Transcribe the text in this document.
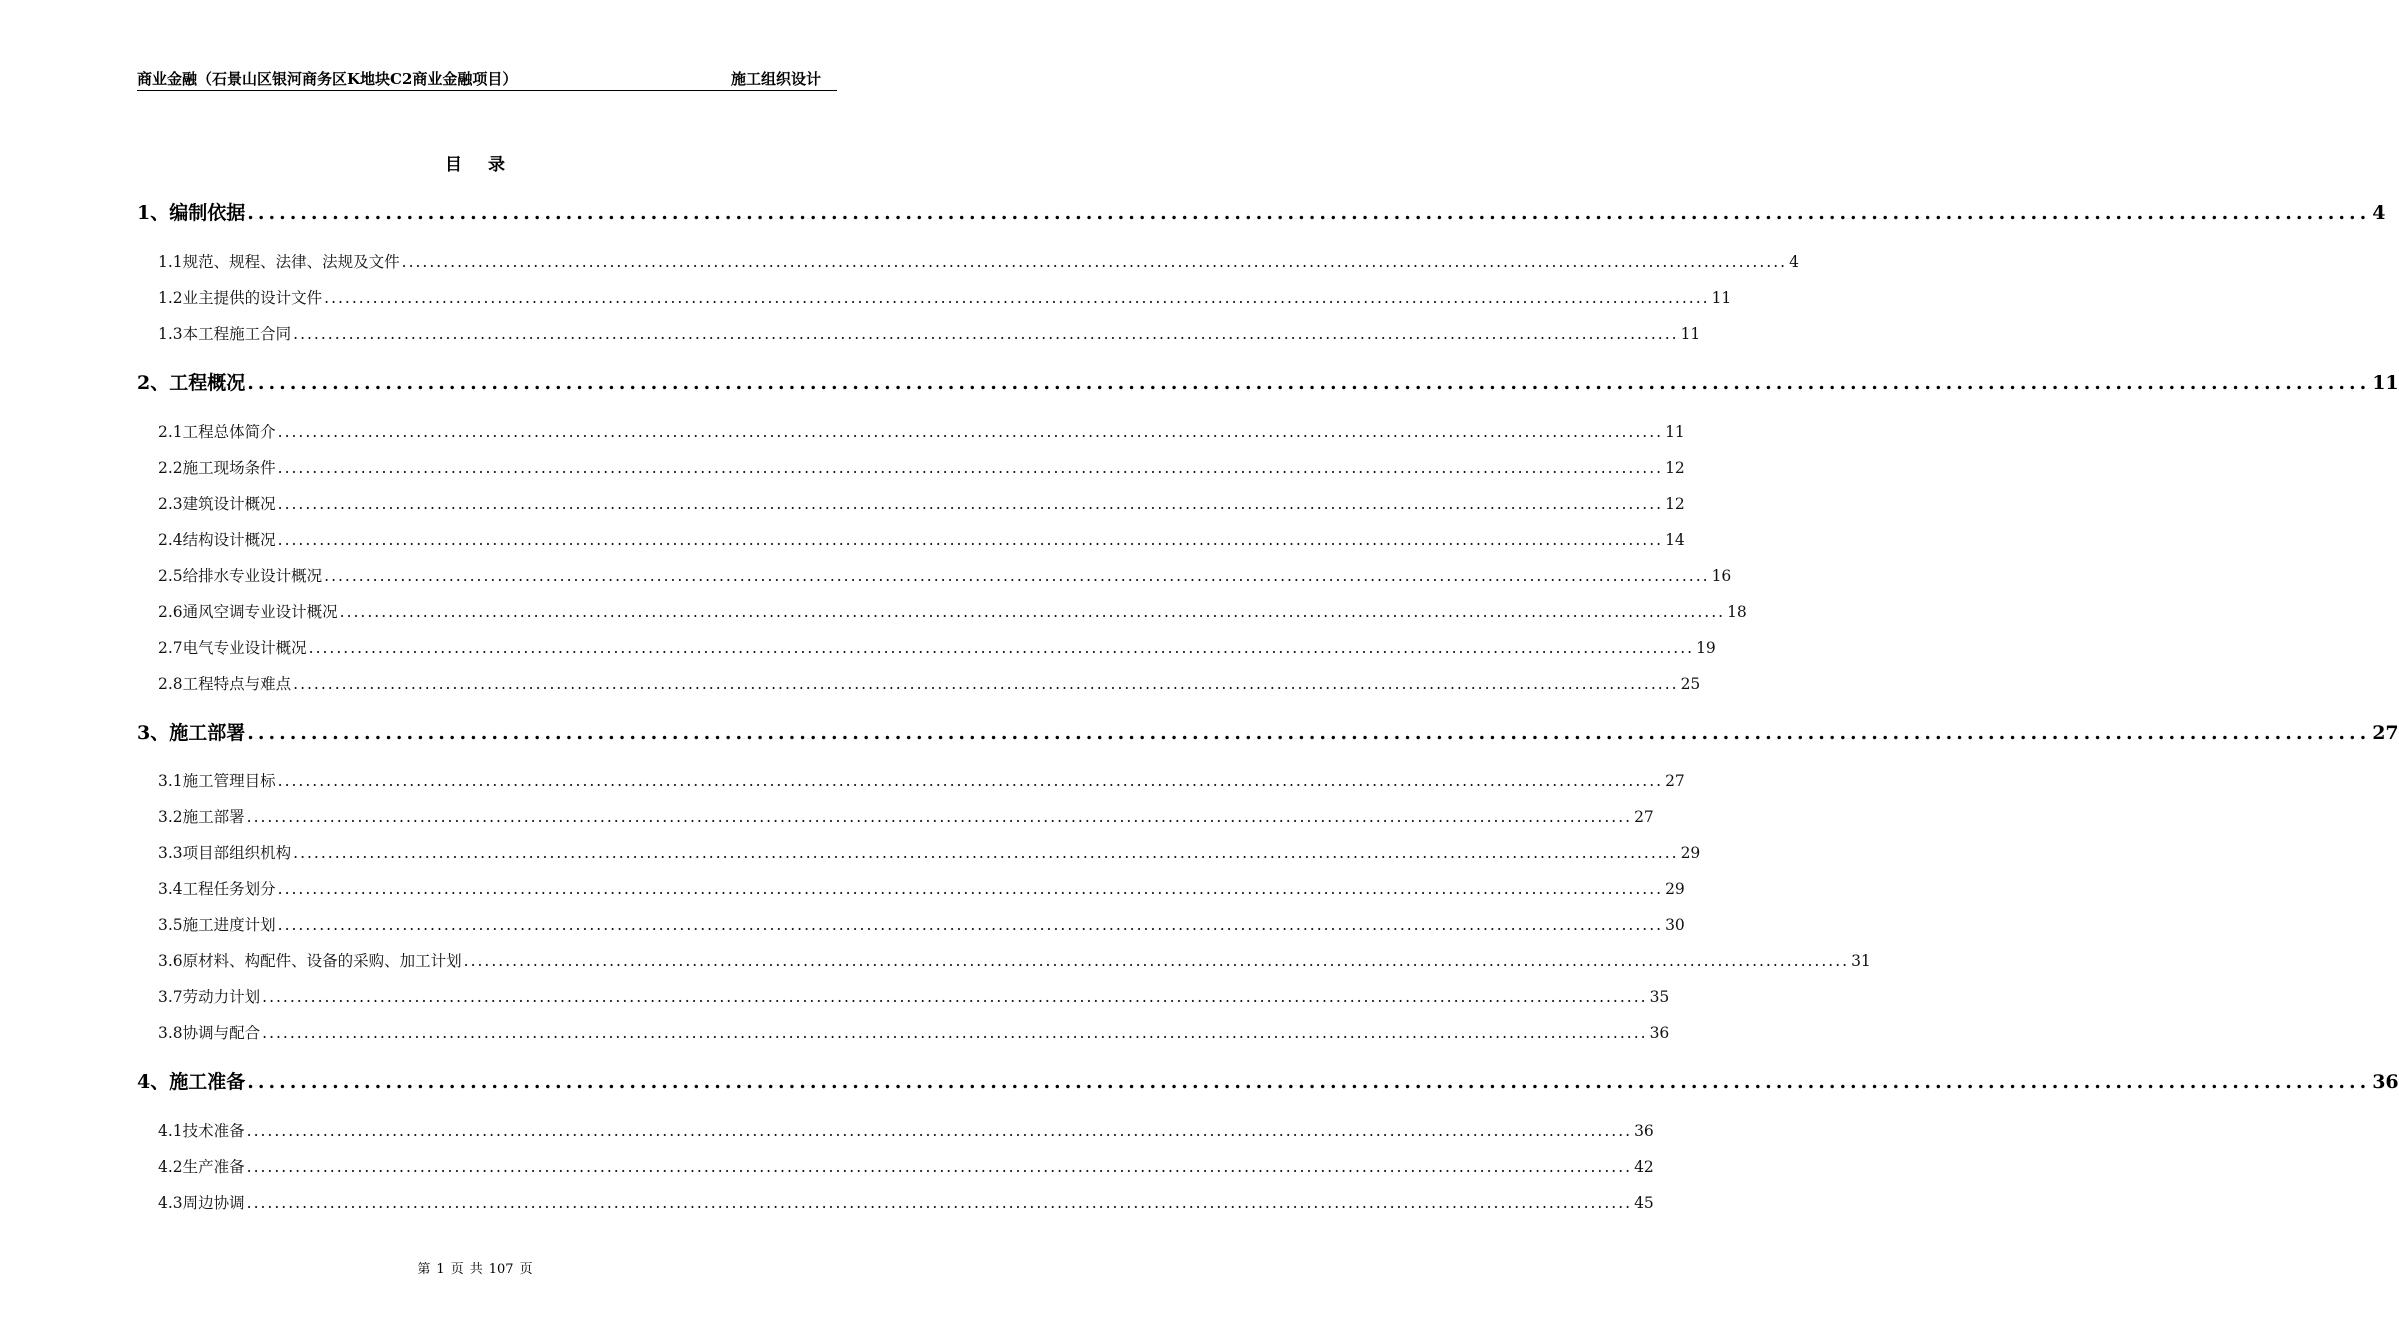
商业金融（石景山区银河商务区K地块C2商业金融项目）	施工组织设计
目录
1、编制依据 ........................................................................................................................................................................................................ 4
1.1规范、规程、法律、法规及文件 ........................................................................................................................................................................................................ 4
1.2业主提供的设计文件 ........................................................................................................................................................................................................ 11
1.3本工程施工合同 ........................................................................................................................................................................................................ 11
2、工程概况 ........................................................................................................................................................................................................ 11
2.1工程总体简介 ........................................................................................................................................................................................................ 11
2.2施工现场条件 ........................................................................................................................................................................................................ 12
2.3建筑设计概况 ........................................................................................................................................................................................................ 12
2.4结构设计概况 ........................................................................................................................................................................................................ 14
2.5给排水专业设计概况 ........................................................................................................................................................................................................ 16
2.6通风空调专业设计概况 ........................................................................................................................................................................................................ 18
2.7电气专业设计概况 ........................................................................................................................................................................................................ 19
2.8工程特点与难点 ........................................................................................................................................................................................................ 25
3、施工部署 ........................................................................................................................................................................................................ 27
3.1施工管理目标 ........................................................................................................................................................................................................ 27
3.2施工部署 ........................................................................................................................................................................................................ 27
3.3项目部组织机构 ........................................................................................................................................................................................................ 29
3.4工程任务划分 ........................................................................................................................................................................................................ 29
3.5施工进度计划 ........................................................................................................................................................................................................ 30
3.6原材料、构配件、设备的采购、加工计划 ........................................................................................................................................................................................................ 31
3.7劳动力计划 ........................................................................................................................................................................................................ 35
3.8协调与配合 ........................................................................................................................................................................................................ 36
4、施工准备 ........................................................................................................................................................................................................ 36
4.1技术准备 ........................................................................................................................................................................................................ 36
4.2生产准备 ........................................................................................................................................................................................................ 42
4.3周边协调 ........................................................................................................................................................................................................ 45
第 1 页 共 107 页
